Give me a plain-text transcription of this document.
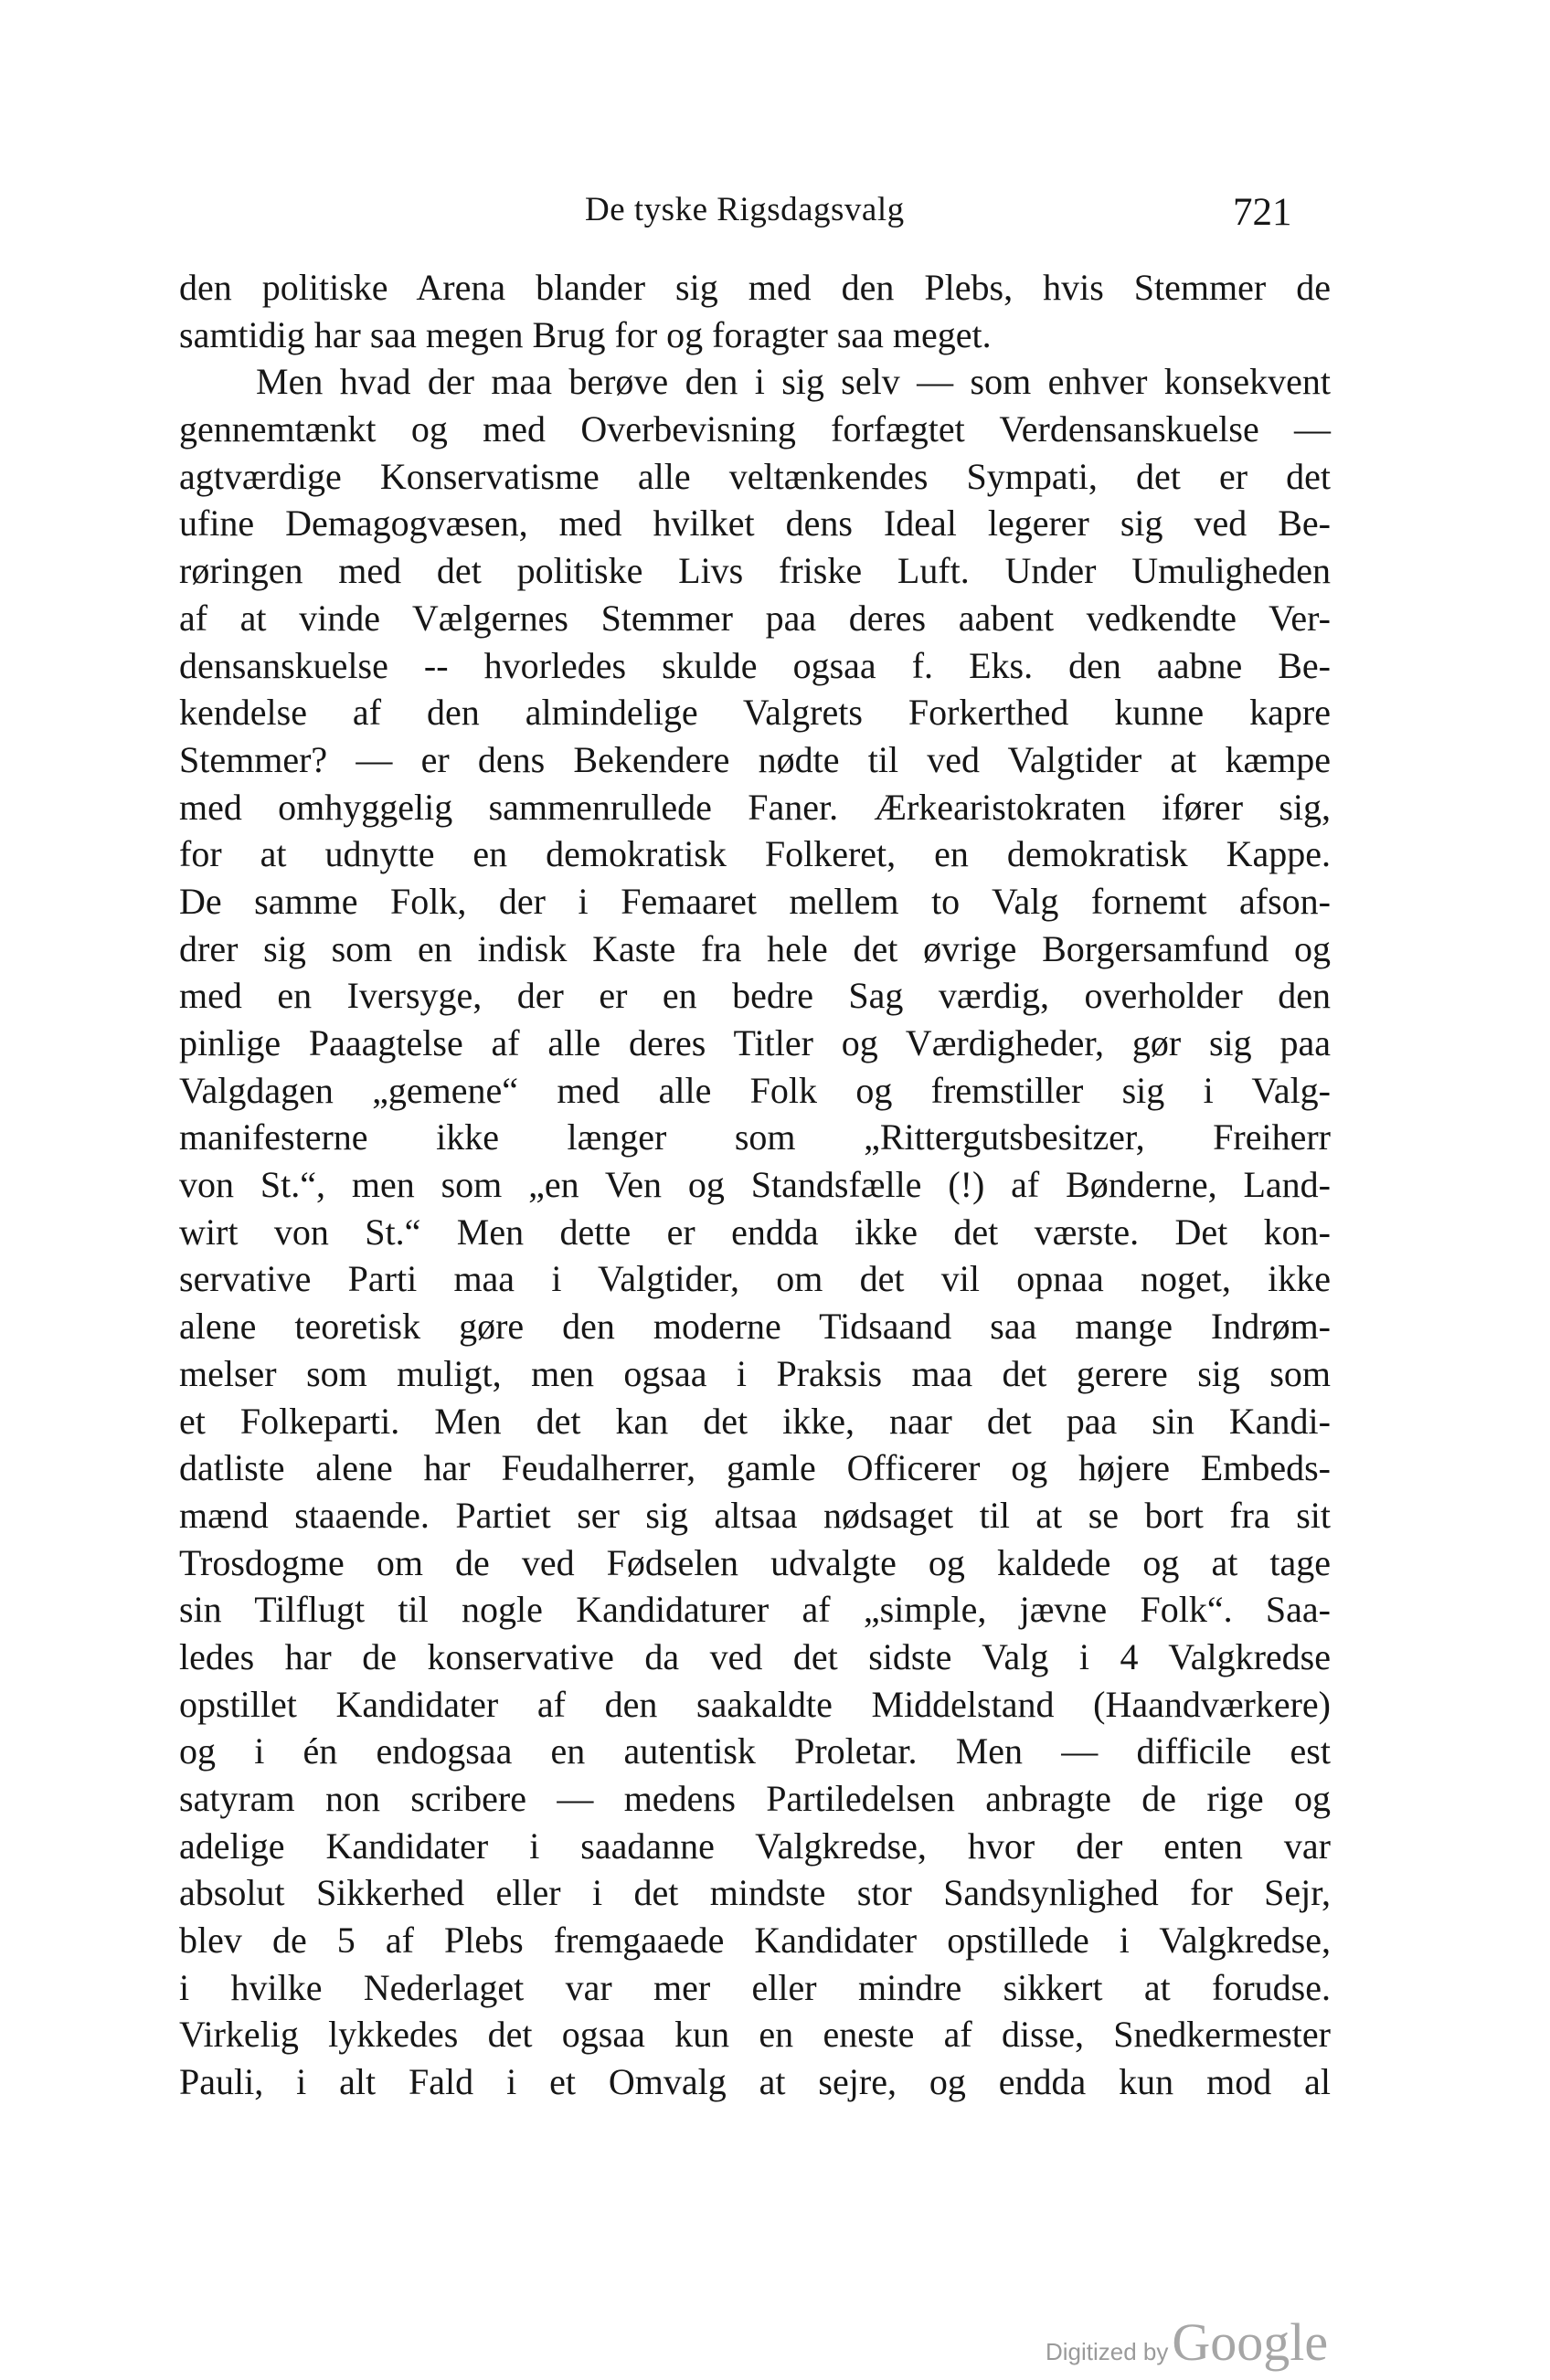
De tyske Rigsdagsvalg	721
den politiske Arena blander sig med den Plebs, hvis Stemmer de
samtidig har saa megen Brug for og foragter saa meget.
Men hvad der maa berøve den i sig selv — som enhver konsekvent
gennemtænkt og med Overbevisning forfægtet Verdensanskuelse —
agtværdige Konservatisme alle veltænkendes Sympati, det er det
ufine Demagogvæsen, med hvilket dens Ideal legerer sig ved Be-
røringen med det politiske Livs friske Luft. Under Umuligheden
af at vinde Vælgernes Stemmer paa deres aabent vedkendte Ver-
densanskuelse -- hvorledes skulde ogsaa f. Eks. den aabne Be-
kendelse af den almindelige Valgrets Forkerthed kunne kapre
Stemmer? — er dens Bekendere nødte til ved Valgtider at kæmpe
med omhyggelig sammenrullede Faner. Ærkearistokraten ifører sig,
for at udnytte en demokratisk Folkeret, en demokratisk Kappe.
De samme Folk, der i Femaaret mellem to Valg fornemt afson-
drer sig som en indisk Kaste fra hele det øvrige Borgersamfund og
med en Iversyge, der er en bedre Sag værdig, overholder den
pinlige Paaagtelse af alle deres Titler og Værdigheder, gør sig paa
Valgdagen „gemene“ med alle Folk og fremstiller sig i Valg-
manifesterne ikke længer som „Rittergutsbesitzer, Freiherr
von St.“, men som „en Ven og Standsfælle (!) af Bønderne, Land-
wirt von St.“ Men dette er endda ikke det værste. Det kon-
servative Parti maa i Valgtider, om det vil opnaa noget, ikke
alene teoretisk gøre den moderne Tidsaand saa mange Indrøm-
melser som muligt, men ogsaa i Praksis maa det gerere sig som
et Folkeparti. Men det kan det ikke, naar det paa sin Kandi-
datliste alene har Feudalherrer, gamle Officerer og højere Embeds-
mænd staaende. Partiet ser sig altsaa nødsaget til at se bort fra sit
Trosdogme om de ved Fødselen udvalgte og kaldede og at tage
sin Tilflugt til nogle Kandidaturer af „simple, jævne Folk“. Saa-
ledes har de konservative da ved det sidste Valg i 4 Valgkredse
opstillet Kandidater af den saakaldte Middelstand (Haandværkere)
og i én endogsaa en autentisk Proletar. Men — difficile est
satyram non scribere — medens Partiledelsen anbragte de rige og
adelige Kandidater i saadanne Valgkredse, hvor der enten var
absolut Sikkerhed eller i det mindste stor Sandsynlighed for Sejr,
blev de 5 af Plebs fremgaaede Kandidater opstillede i Valgkredse,
i hvilke Nederlaget var mer eller mindre sikkert at forudse.
Virkelig lykkedes det ogsaa kun en eneste af disse, Snedkermester
Pauli, i alt Fald i et Omvalg at sejre, og endda kun mod al
Digitized by Google
